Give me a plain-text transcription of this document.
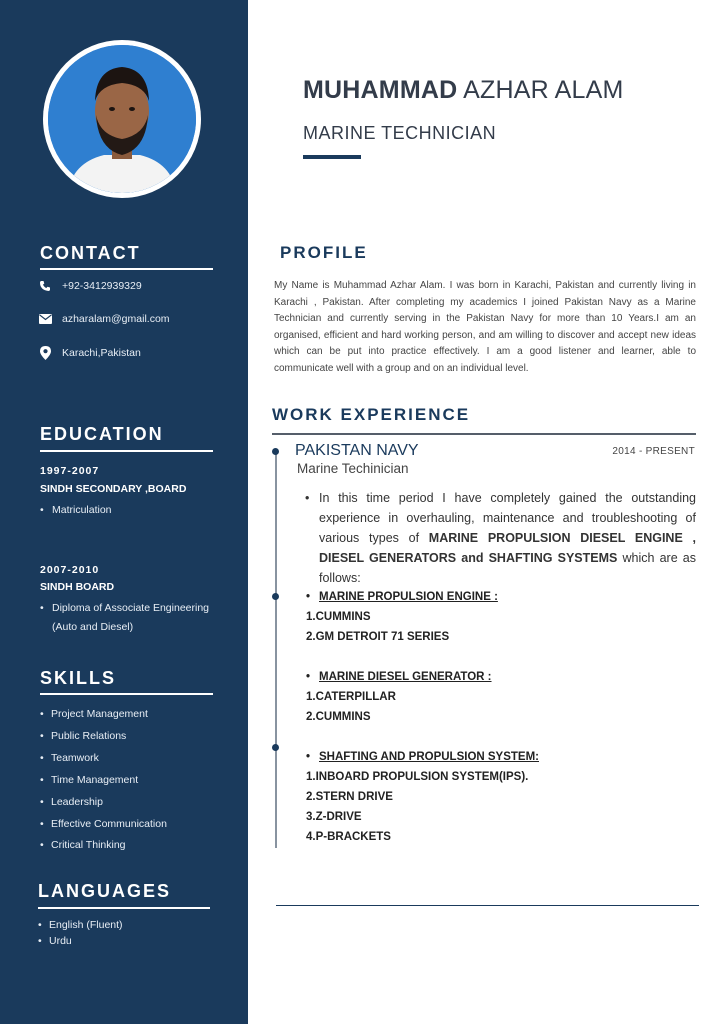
CONTACT
+92-3412939329
azharalam@gmail.com
Karachi,Pakistan
EDUCATION
1997-2007
SINDH SECONDARY ,BOARD
• Matriculation
2007-2010
SINDH BOARD
• Diploma of Associate Engineering (Auto and Diesel)
SKILLS
• Project Management
• Public Relations
• Teamwork
• Time Management
• Leadership
• Effective Communication
• Critical Thinking
LANGUAGES
• English (Fluent)
• Urdu
MUHAMMAD AZHAR ALAM
MARINE TECHNICIAN
PROFILE
My Name is Muhammad Azhar Alam. I was born in Karachi, Pakistan and currently living in Karachi , Pakistan. After completing my academics I joined Pakistan Navy as a Marine Technician and currently serving in the Pakistan Navy for more than 10 Years.I am an organised, efficient and hard working person, and am willing to discover and accept new ideas which can be put into practice effectively. I am a good listener and learner, able to communicate well with a group and on an individual level.
WORK EXPERIENCE
PAKISTAN NAVY	2014 - PRESENT
Marine Techinician
• In this time period I have completely gained the outstanding experience in overhauling, maintenance and troubleshooting of various types of MARINE PROPULSION DIESEL ENGINE , DIESEL GENERATORS and SHAFTING SYSTEMS which are as follows:
• MARINE PROPULSION ENGINE :
1.CUMMINS
2.GM DETROIT 71 SERIES
• MARINE DIESEL GENERATOR :
1.CATERPILLAR
2.CUMMINS
• SHAFTING AND PROPULSION SYSTEM:
1.INBOARD PROPULSION SYSTEM(IPS).
2.STERN DRIVE
3.Z-DRIVE
4.P-BRACKETS
